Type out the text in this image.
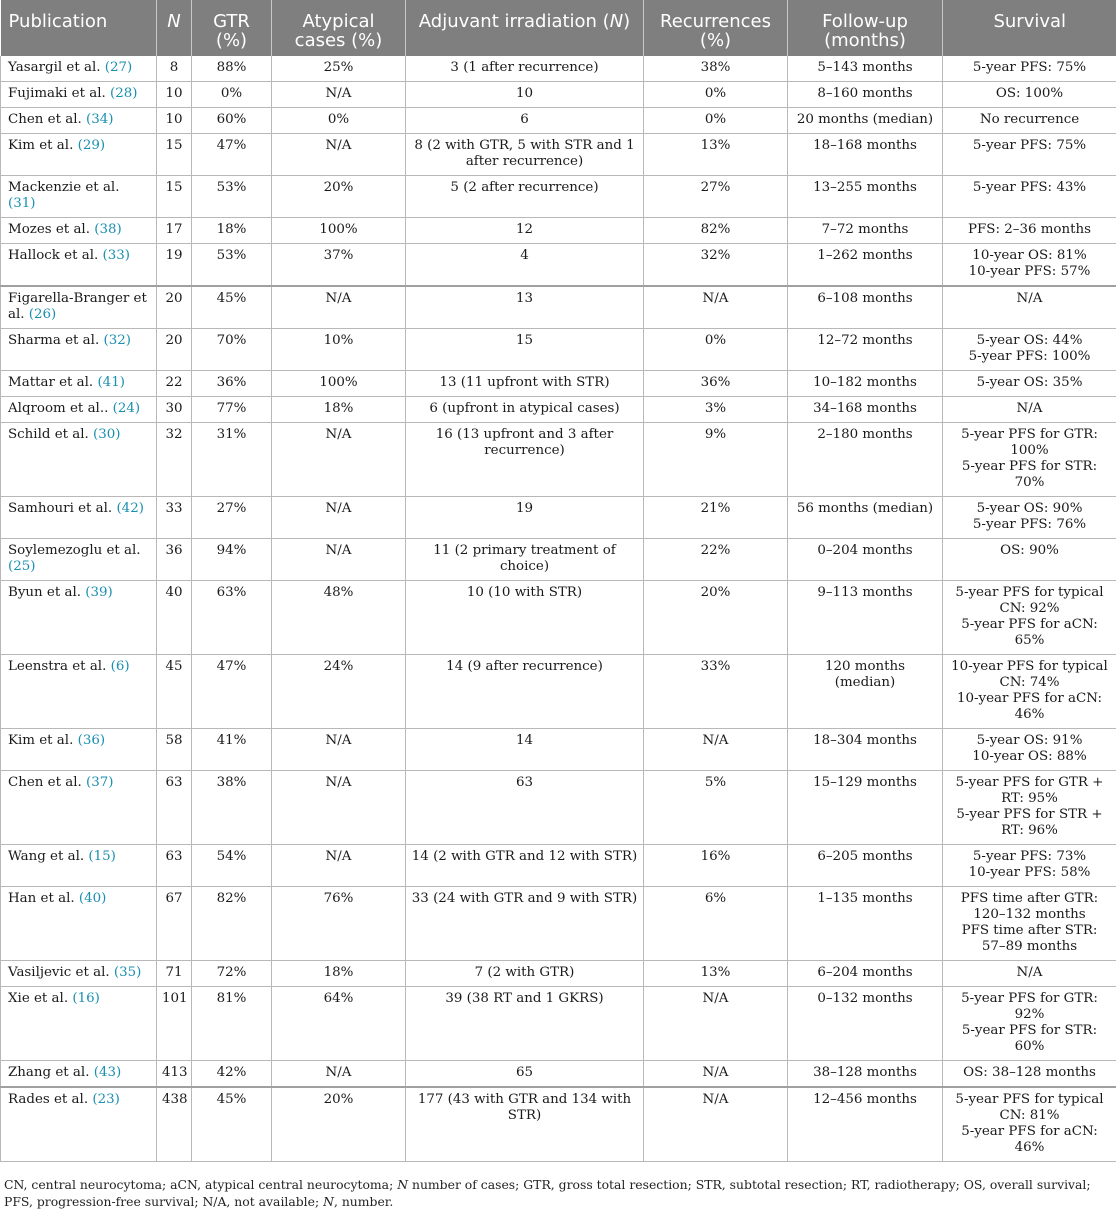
Publication	N	GTR (%)	Atypical cases (%)	Adjuvant irradiation (N)	Recurrences (%)	Follow-up (months)	Survival
Yasargil et al. (27)	8	88%	25%	3 (1 after recurrence)	38%	5–143 months	5-year PFS: 75%

Fujimaki et al. (28)	10	0%	N/A	10	0%	8–160 months	OS: 100%

Chen et al. (34)	10	60%	0%	6	0%	20 months (median)	No recurrence

Kim et al. (29)	15	47%	N/A	8 (2 with GTR, 5 with STR and 1 after recurrence)	13%	18–168 months	5-year PFS: 75%

Mackenzie et al. (31)	15	53%	20%	5 (2 after recurrence)	27%	13–255 months	5-year PFS: 43%

Mozes et al. (38)	17	18%	100%	12	82%	7–72 months	PFS: 2–36 months

Hallock et al. (33)	19	53%	37%	4	32%	1–262 months	10-year OS: 81%
10-year PFS: 57%

Figarella-Branger et al. (26)	20	45%	N/A	13	N/A	6–108 months	N/A

Sharma et al. (32)	20	70%	10%	15	0%	12–72 months	5-year OS: 44%
5-year PFS: 100%

Mattar et al. (41)	22	36%	100%	13 (11 upfront with STR)	36%	10–182 months	5-year OS: 35%

Alqroom et al.. (24)	30	77%	18%	6 (upfront in atypical cases)	3%	34–168 months	N/A

Schild et al. (30)	32	31%	N/A	16 (13 upfront and 3 after recurrence)	9%	2–180 months	5-year PFS for GTR: 100%
5-year PFS for STR: 70%

Samhouri et al. (42)	33	27%	N/A	19	21%	56 months (median)	5-year OS: 90%
5-year PFS: 76%

Soylemezoglu et al. (25)	36	94%	N/A	11 (2 primary treatment of choice)	22%	0–204 months	OS: 90%

Byun et al. (39)	40	63%	48%	10 (10 with STR)	20%	9–113 months	5-year PFS for typical CN: 92%
5-year PFS for aCN: 65%

Leenstra et al. (6)	45	47%	24%	14 (9 after recurrence)	33%	120 months (median)	10-year PFS for typical CN: 74%
10-year PFS for aCN: 46%

Kim et al. (36)	58	41%	N/A	14	N/A	18–304 months	5-year OS: 91%
10-year OS: 88%

Chen et al. (37)	63	38%	N/A	63	5%	15–129 months	5-year PFS for GTR + RT: 95%
5-year PFS for STR + RT: 96%

Wang et al. (15)	63	54%	N/A	14 (2 with GTR and 12 with STR)	16%	6–205 months	5-year PFS: 73%
10-year PFS: 58%

Han et al. (40)	67	82%	76%	33 (24 with GTR and 9 with STR)	6%	1–135 months	PFS time after GTR: 120–132 months
PFS time after STR: 57–89 months

Vasiljevic et al. (35)	71	72%	18%	7 (2 with GTR)	13%	6–204 months	N/A

Xie et al. (16)	101	81%	64%	39 (38 RT and 1 GKRS)	N/A	0–132 months	5-year PFS for GTR: 92%
5-year PFS for STR: 60%

Zhang et al. (43)	413	42%	N/A	65	N/A	38–128 months	OS: 38–128 months

Rades et al. (23)	438	45%	20%	177 (43 with GTR and 134 with STR)	N/A	12–456 months	5-year PFS for typical CN: 81%
5-year PFS for aCN: 46%
CN, central neurocytoma; aCN, atypical central neurocytoma; N number of cases; GTR, gross total resection; STR, subtotal resection; RT, radiotherapy; OS, overall survival; PFS, progression-free survival; N/A, not available; N, number.
